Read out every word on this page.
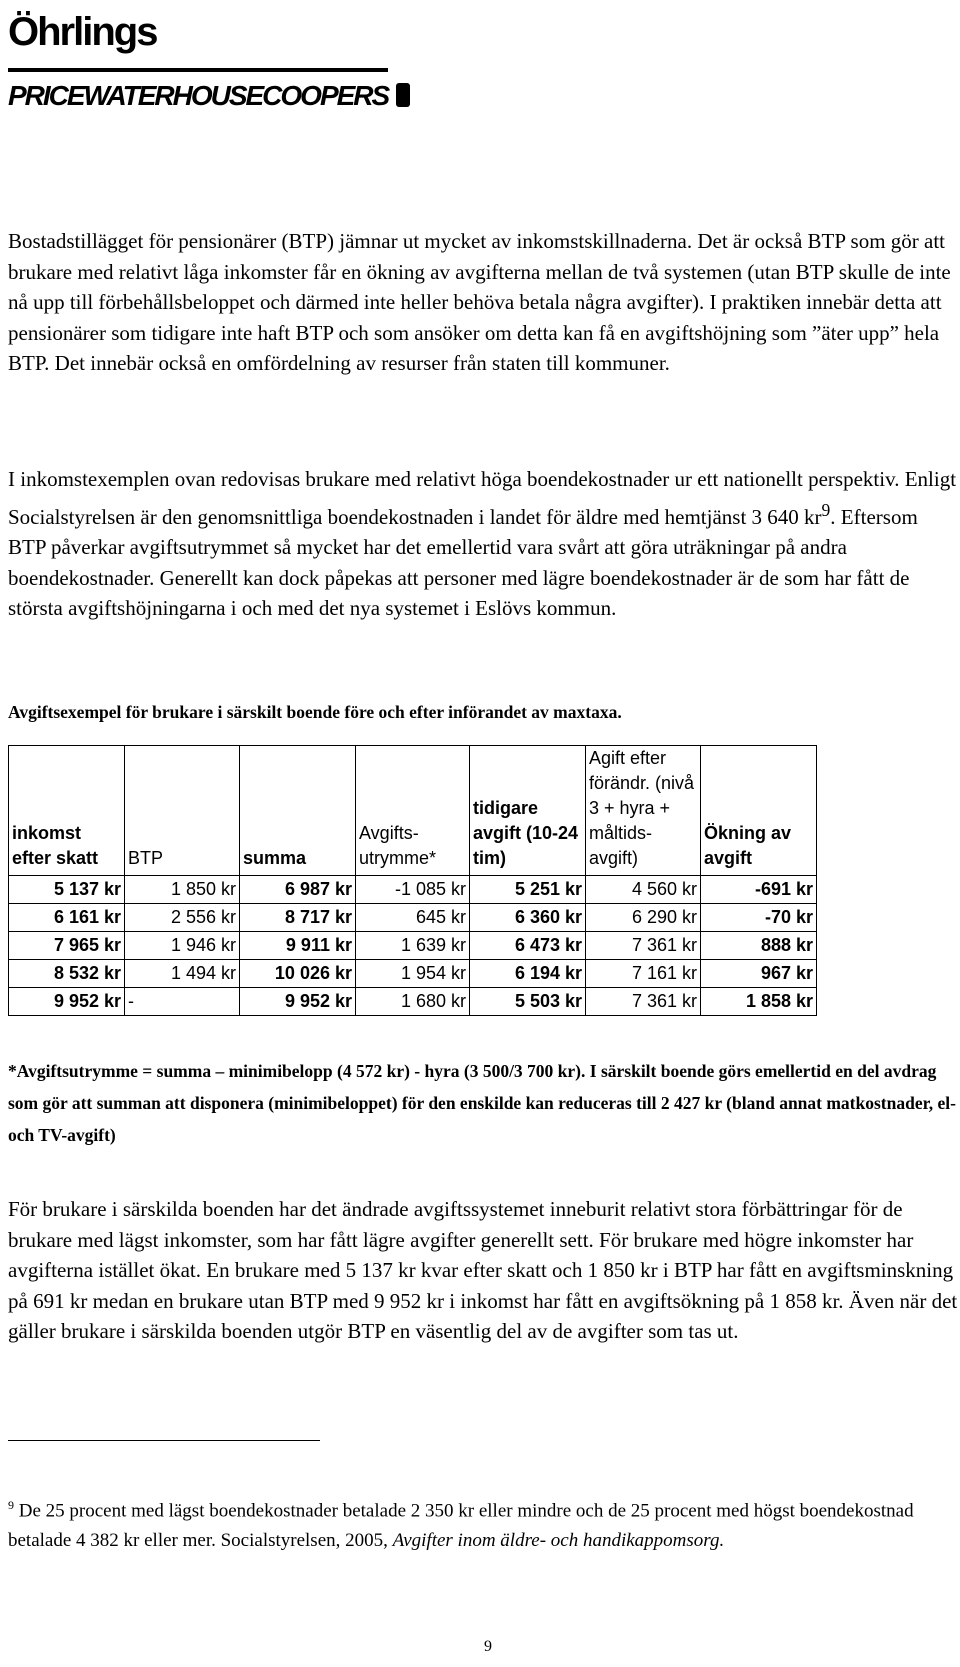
Öhrlings
PRICEWATERHOUSECOOPERS

Bostadstillägget för pensionärer (BTP) jämnar ut mycket av inkomstskillnaderna. Det är också BTP som gör att brukare med relativt låga inkomster får en ökning av avgifterna mellan de två systemen (utan BTP skulle de inte nå upp till förbehållsbeloppet och därmed inte heller behöva betala några avgifter). I praktiken innebär detta att pensionärer som tidigare inte haft BTP och som ansöker om detta kan få en avgiftshöjning som ”äter upp” hela BTP. Det innebär också en omfördelning av resurser från staten till kommuner.

I inkomstexemplen ovan redovisas brukare med relativt höga boendekostnader ur ett nationellt perspektiv. Enligt Socialstyrelsen är den genomsnittliga boendekostnaden i landet för äldre med hemtjänst 3 640 $kr^9$. Eftersom BTP påverkar avgiftsutrymmet så mycket har det emellertid vara svårt att göra uträkningar på andra boendekostnader. Generellt kan dock påpekas att personer med lägre boendekostnader är de som har fått de största avgiftshöjningarna i och med det nya systemet i Eslövs kommun.

Avgiftsexempel för brukare i särskilt boende före och efter införandet av maxtaxa.

inkomst efter skatt	BTP	summa	Avgifts-utrymme*	tidigare avgift (10-24 tim)	Agift efter förändr. (nivå 3 + hyra + måltids-avgift)	Ökning av avgift
5 137 kr	1 850 kr	6 987 kr	-1 085 kr	5 251 kr	4 560 kr	-691 kr
6 161 kr	2 556 kr	8 717 kr	645 kr	6 360 kr	6 290 kr	-70 kr
7 965 kr	1 946 kr	9 911 kr	1 639 kr	6 473 kr	7 361 kr	888 kr
8 532 kr	1 494 kr	10 026 kr	1 954 kr	6 194 kr	7 161 kr	967 kr
9 952 kr	-	9 952 kr	1 680 kr	5 503 kr	7 361 kr	1 858 kr

*Avgiftsutrymme = summa – minimibelopp (4 572 kr) - hyra (3 500/3 700 kr). I särskilt boende görs emellertid en del avdrag som gör att summan att disponera (minimibeloppet) för den enskilde kan reduceras till 2 427 kr (bland annat matkostnader, el- och TV-avgift)

För brukare i särskilda boenden har det ändrade avgiftssystemet inneburit relativt stora förbättringar för de brukare med lägst inkomster, som har fått lägre avgifter generellt sett. För brukare med högre inkomster har avgifterna istället ökat. En brukare med 5 137 kr kvar efter skatt och 1 850 kr i BTP har fått en avgiftsminskning på 691 kr medan en brukare utan BTP med 9 952 kr i inkomst har fått en avgiftsökning på 1 858 kr. Även när det gäller brukare i särskilda boenden utgör BTP en väsentlig del av de avgifter som tas ut.

$^9$ De 25 procent med lägst boendekostnader betalade 2 350 kr eller mindre och de 25 procent med högst boendekostnad betalade 4 382 kr eller mer. Socialstyrelsen, 2005, Avgifter inom äldre- och handikappomsorg.

9
